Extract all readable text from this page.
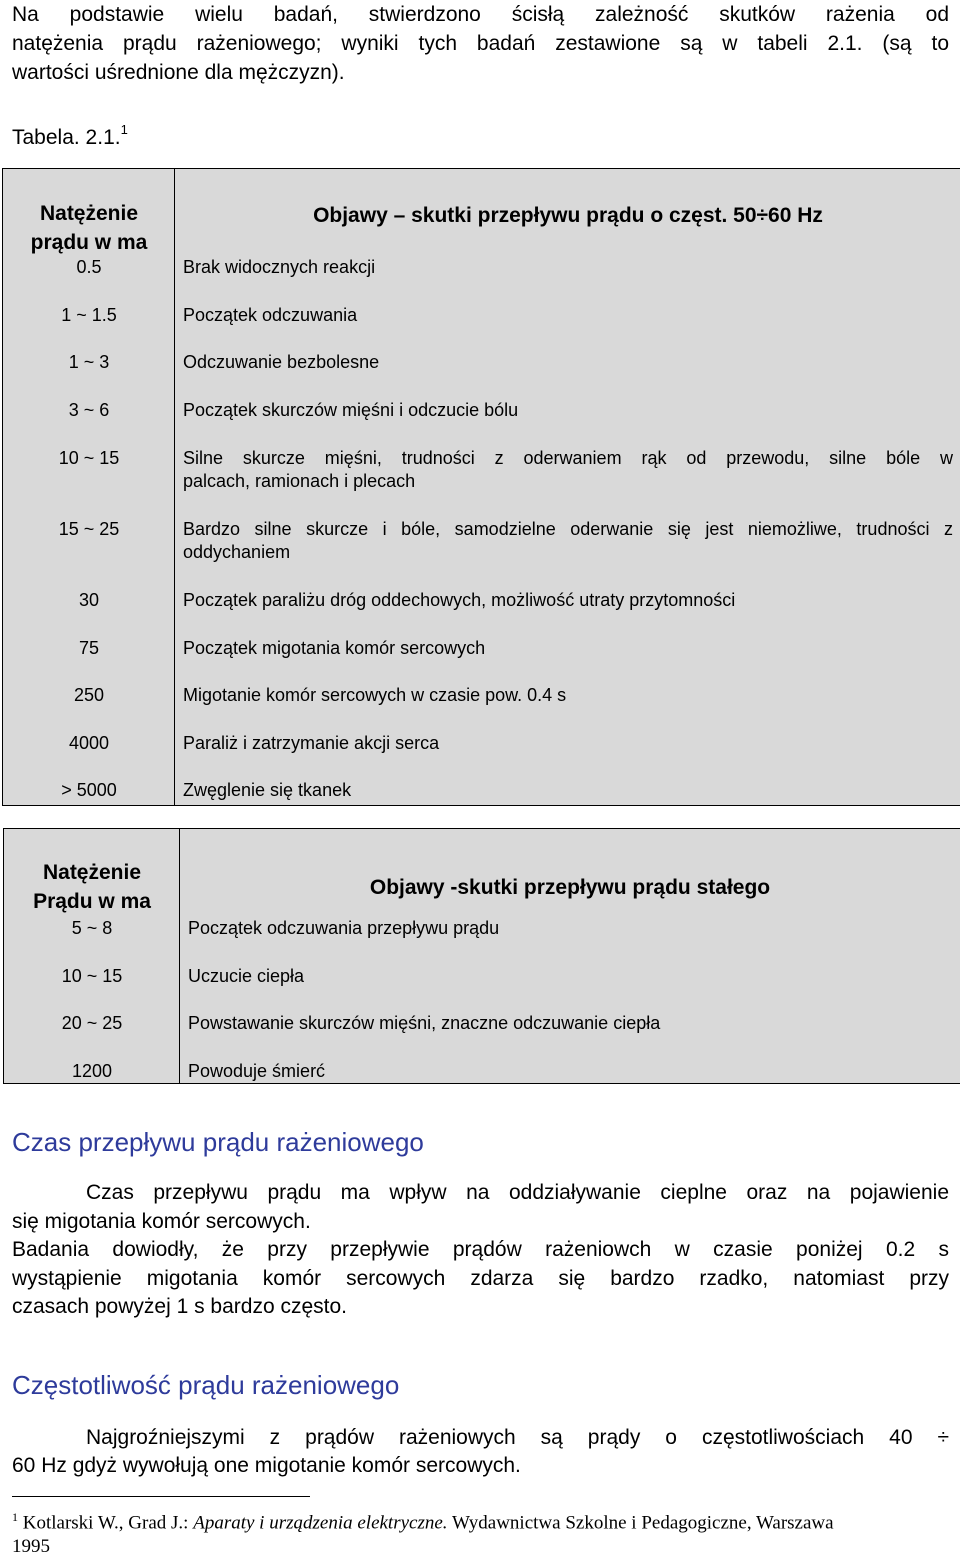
Na podstawie wielu badań, stwierdzono ścisłą zależność skutków rażenia od
natężenia prądu rażeniowego; wyniki tych badań zestawione są w tabeli 2.1. (są to
wartości uśrednione dla mężczyzn).
Tabela. 2.1.$^1$
Natężenie
prądu w ma
Objawy – skutki przepływu prądu o częst. 50÷60 Hz
0.5	Brak widocznych reakcji
1 ~ 1.5	Początek odczuwania
1 ~ 3	Odczuwanie bezbolesne
3 ~ 6	Początek skurczów mięśni i odczucie bólu
10 ~ 15	Silne skurcze mięśni, trudności z oderwaniem rąk od przewodu, silne bóle w
palcach, ramionach i plecach
15 ~ 25	Bardzo silne skurcze i bóle, samodzielne oderwanie się jest niemożliwe, trudności z
oddychaniem
30	Początek paraliżu dróg oddechowych, możliwość utraty przytomności
75	Początek migotania komór sercowych
250	Migotanie komór sercowych w czasie pow. 0.4 s
4000	Paraliż i zatrzymanie akcji serca
> 5000	Zwęglenie się tkanek
Natężenie
Prądu w ma
Objawy -skutki przepływu prądu stałego
5 ~ 8	Początek odczuwania przepływu prądu
10 ~ 15	Uczucie ciepła
20 ~ 25	Powstawanie skurczów mięśni, znaczne odczuwanie ciepła
1200	Powoduje śmierć
Czas przepływu prądu rażeniowego
Czas przepływu prądu ma wpływ na oddziaływanie cieplne oraz na pojawienie
się migotania komór sercowych.
Badania dowiodły, że przy przepływie prądów rażeniowch w czasie poniżej 0.2 s
wystąpienie migotania komór sercowych zdarza się bardzo rzadko, natomiast przy
czasach powyżej 1 s bardzo często.
Częstotliwość prądu rażeniowego
Najgroźniejszymi z prądów rażeniowych są prądy o częstotliwościach 40 ÷
60 Hz gdyż wywołują one migotanie komór sercowych.
$^1$ Kotlarski W., Grad J.: Aparaty i urządzenia elektryczne. Wydawnictwa Szkolne i Pedagogiczne, Warszawa
1995
